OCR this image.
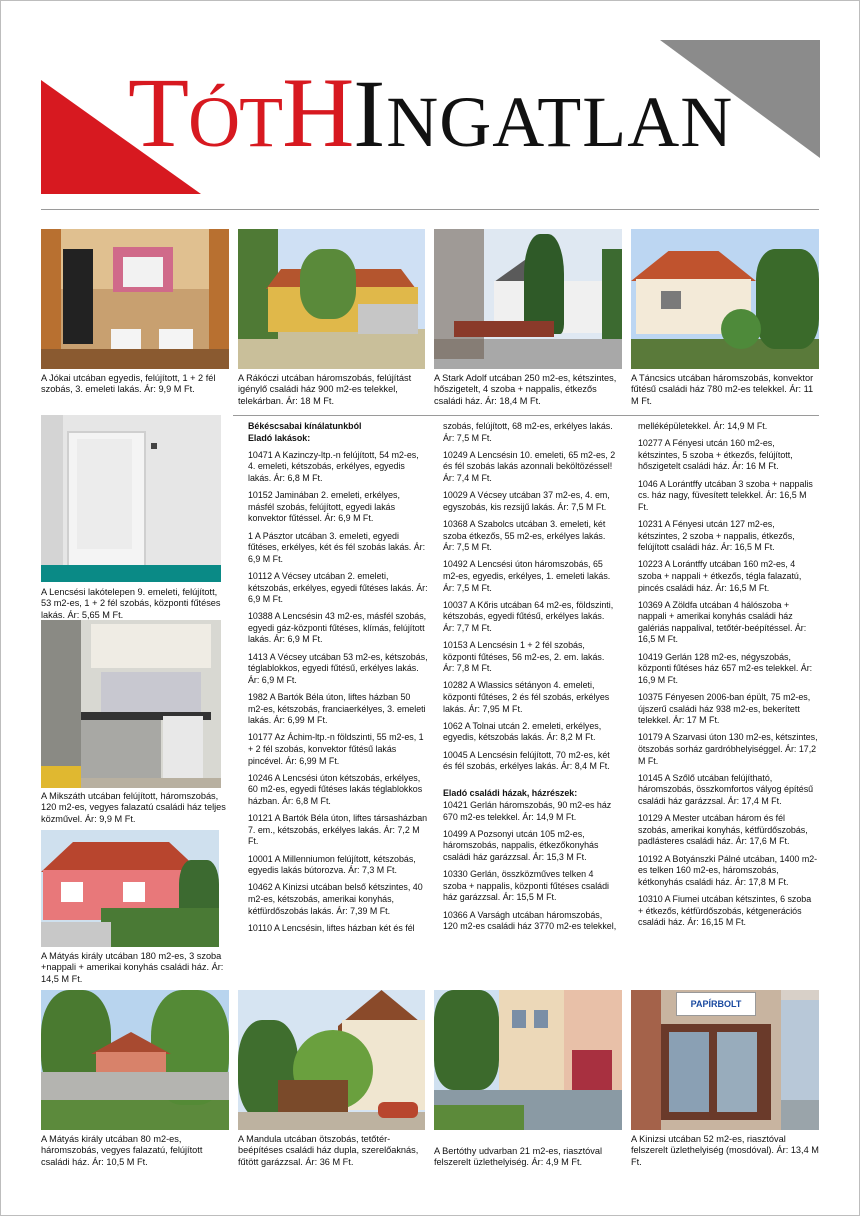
TÓTHINGATLAN
A Jókai utcában egyedis, felújított, 1 + 2 fél szobás, 3. emeleti lakás. Ár: 9,9 M Ft.
A Rákóczi utcában háromszobás, felújítást igénylő családi ház 900 m2-es telekkel, telekárban. Ár: 18 M Ft.
A Stark Adolf utcában 250 m2-es, kétszintes, hőszigetelt, 4 szoba + nappalis, étkezős családi ház. Ár: 18,4 M Ft.
A Táncsics utcában háromszobás, konvektor fűtésű családi ház 780 m2-es telekkel. Ár: 11 M Ft.
A Lencsési lakótelepen 9. emeleti, felújított, 53 m2-es, 1 + 2 fél szobás, központi fűtéses lakás. Ár: 5,65 M Ft.
A Mikszáth utcában felújított, háromszobás, 120 m2-es, vegyes falazatú családi ház teljes közművel. Ár: 9,9 M Ft.
A Mátyás király utcában 180 m2-es, 3 szoba +nappali + amerikai konyhás családi ház. Ár: 14,5 M Ft.

Békéscsabai kínálatunkból

Eladó lakások:

10471 A Kazinczy-ltp.-n felújított, 54 m2-es, 4. emeleti, kétszobás, erkélyes, egyedis lakás. Ár: 6,8 M Ft.

10152 Jaminában 2. emeleti, erkélyes, másfél szobás, felújított, egyedi lakás konvektor fűtéssel. Ár: 6,9 M Ft.

1 A Pásztor utcában 3. emeleti, egyedi fűtéses, erkélyes, két és fél szobás lakás. Ár: 6,9 M Ft.

10112 A Vécsey utcában 2. emeleti, kétszobás, erkélyes, egyedi fűtéses lakás. Ár: 6,9 M Ft.

10388 A Lencsésin 43 m2-es, másfél szobás, egyedi gáz-központi fűtéses, klímás, felújított lakás. Ár: 6,9 M Ft.

1413 A Vécsey utcában 53 m2-es, kétszobás, téglablokkos, egyedi fűtésű, erkélyes lakás. Ár: 6,9 M Ft.

1982 A Bartók Béla úton, liftes házban 50 m2-es, kétszobás, franciaerkélyes, 3. emeleti lakás. Ár: 6,99 M Ft.

10177 Az Áchim-ltp.-n földszinti, 55 m2-es, 1 + 2 fél szobás, konvektor fűtésű lakás pincével. Ár: 6,99 M Ft.

10246 A Lencsési úton kétszobás, erkélyes, 60 m2-es, egyedi fűtéses lakás téglablokkos házban. Ár: 6,8 M Ft.

10121 A Bartók Béla úton, liftes társasházban 7. em., kétszobás, erkélyes lakás. Ár: 7,2 M Ft.

10001 A Millenniumon felújított, kétszobás, egyedis lakás bútorozva. Ár: 7,3 M Ft.

10462 A Kinizsi utcában belső kétszintes, 40 m2-es, kétszobás, amerikai konyhás, kétfürdőszobás lakás. Ár: 7,39 M Ft.

10110 A Lencsésin, liftes házban két és fél

szobás, felújított, 68 m2-es, erkélyes lakás. Ár: 7,5 M Ft.

10249 A Lencsésin 10. emeleti, 65 m2-es, 2 és fél szobás lakás azonnali beköltözéssel! Ár: 7,4 M Ft.

10029 A Vécsey utcában 37 m2-es, 4. em, egyszobás, kis rezsijű lakás. Ár: 7,5 M Ft.

10368 A Szabolcs utcában 3. emeleti, két szoba étkezős, 55 m2-es, erkélyes lakás. Ár: 7,5 M Ft.

10492 A Lencsési úton háromszobás, 65 m2-es, egyedis, erkélyes, 1. emeleti lakás. Ár: 7,5 M Ft.

10037 A Kőris utcában 64 m2-es, földszinti, kétszobás, egyedi fűtésű, erkélyes lakás. Ár: 7,7 M Ft.

10153 A Lencsésin 1 + 2 fél szobás, központi fűtéses, 56 m2-es, 2. em. lakás. Ár: 7,8 M Ft.

10282 A Wlassics sétányon 4. emeleti, központi fűtéses, 2 és fél szobás, erkélyes lakás. Ár: 7,95 M Ft.

1062 A Tolnai utcán 2. emeleti, erkélyes, egyedis, kétszobás lakás. Ár: 8,2 M Ft.

10045 A Lencsésin felújított, 70 m2-es, két és fél szobás, erkélyes lakás. Ár: 8,4 M Ft.

Eladó családi házak, házrészek:

10421 Gerlán háromszobás, 90 m2-es ház 670 m2-es telekkel. Ár: 14,9 M Ft.

10499 A Pozsonyi utcán 105 m2-es, háromszobás, nappalis, étkezőkonyhás családi ház garázzsal. Ár: 15,3 M Ft.

10330 Gerlán, összközműves telken 4 szoba + nappalis, központi fűtéses családi ház garázzsal. Ár: 15,5 M Ft.

10366 A Varságh utcában háromszobás, 120 m2-es családi ház 3770 m2-es telekkel,

melléképületekkel. Ár: 14,9 M Ft.

10277 A Fényesi utcán 160 m2-es, kétszintes, 5 szoba + étkezős, felújított, hőszigetelt családi ház. Ár: 16 M Ft.

1046 A Lorántffy utcában 3 szoba + nappalis cs. ház nagy, füvesített telekkel. Ár: 16,5 M Ft.

10231 A Fényesi utcán 127 m2-es, kétszintes, 2 szoba + nappalis, étkezős, felújított családi ház. Ár: 16,5 M Ft.

10223 A Lorántffy utcában 160 m2-es, 4 szoba + nappali + étkezős, tégla falazatú, pincés családi ház. Ár: 16,5 M Ft.

10369 A Zöldfa utcában 4 hálószoba + nappali + amerikai konyhás családi ház galériás nappalival, tetőtér-beépítéssel. Ár: 16,5 M Ft.

10419 Gerlán 128 m2-es, négyszobás, központi fűtéses ház 657 m2-es telekkel. Ár: 16,9 M Ft.

10375 Fényesen 2006-ban épült, 75 m2-es, újszerű családi ház 938 m2-es, bekerített telekkel. Ár: 17 M Ft.

10179 A Szarvasi úton 130 m2-es, kétszintes, ötszobás sorház gardróbhelyiséggel. Ár: 17,2 M Ft.

10145 A Szőlő utcában felújítható, háromszobás, összkomfortos vályog építésű családi ház garázzsal. Ár: 17,4 M Ft.

10129 A Mester utcában három és fél szobás, amerikai konyhás, kétfürdőszobás, padlásteres családi ház. Ár: 17,6 M Ft.

10192 A Botyánszki Pálné utcában, 1400 m2-es telken 160 m2-es, háromszobás, kétkonyhás családi ház. Ár: 17,8 M Ft.

10310 A Fiumei utcában kétszintes, 6 szoba + étkezős, kétfürdőszobás, kétgenerációs családi ház. Ár: 16,15 M Ft.

A Mátyás király utcában 80 m2-es, háromszobás, vegyes falazatú, felújított családi ház. Ár: 10,5 M Ft.
A Mandula utcában ötszobás, tetőtér-beépítéses családi ház dupla, szerelőaknás, fűtött garázzsal. Ár: 36 M Ft.
A Bertóthy udvarban 21 m2-es, riasztóval felszerelt üzlethelyiség. Ár: 4,9 M Ft.
PAPÍRBOLT
A Kinizsi utcában 52 m2-es, riasztóval felszerelt üzlethelyiség (mosdóval). Ár: 13,4 M Ft.
